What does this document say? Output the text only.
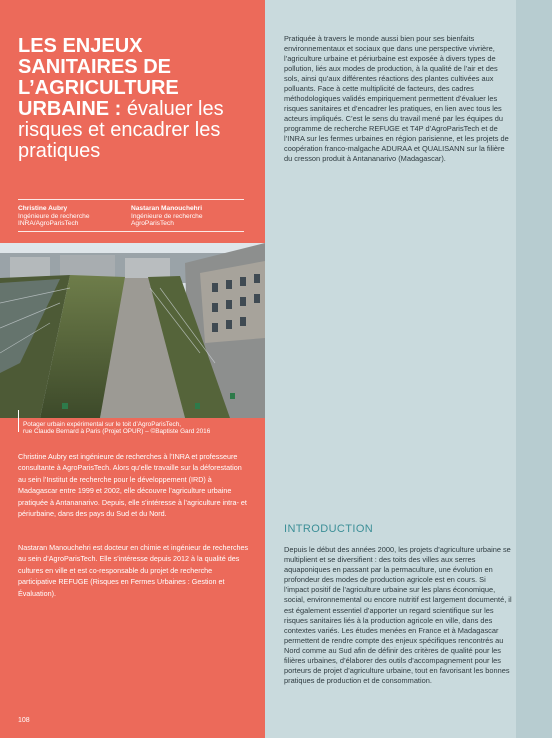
LES ENJEUX SANITAIRES DE L’AGRICULTURE URBAINE : évaluer les risques et encadrer les pratiques
Christine Aubry
Ingénieure de recherche
INRA/AgroParisTech
Nastaran Manouchehri
Ingénieure de recherche
AgroParisTech
Potager urbain expérimental sur le toit d’AgroParisTech,
rue Claude Bernard à Paris (Projet OPUR) – ©Baptiste Gard 2016

Christine Aubry est ingénieure de recherches à l’INRA et professeure consultante à AgroParisTech. Alors qu’elle travaille sur la déforestation au sein l’Institut de recherche pour le développement (IRD) à Madagascar entre 1999 et 2002, elle découvre l’agriculture urbaine pratiquée à Antananarivo. Depuis, elle s’intéresse à l’agriculture intra- et périurbaine, dans des pays du Sud et du Nord.

Nastaran Manouchehri est docteur en chimie et ingénieur de recherches au sein d’AgroParisTech. Elle s’intéresse depuis 2012 à la qualité des cultures en ville et est co-responsable du projet de recherche participative REFUGE (Risques en Fermes Urbaines : Gestion et Évaluation).

108

Pratiquée à travers le monde aussi bien pour ses bienfaits environnementaux et sociaux que dans une perspective vivrière, l’agriculture urbaine et périurbaine est exposée à divers types de pollution, liés aux modes de production, à la qualité de l’air et des sols, ainsi qu’aux différentes réactions des plantes cultivées aux polluants. Face à cette multiplicité de facteurs, des cadres méthodologiques validés empiriquement permettent d’évaluer les risques sanitaires et d’encadrer les pratiques, en lien avec tous les acteurs impliqués. C’est le sens du travail mené par les équipes du programme de recherche REFUGE et T4P d’AgroParisTech et de l’INRA sur les fermes urbaines en région parisienne, et les projets de coopération franco-malgache ADURAA et QUALISANN sur la filière du cresson produit à Antananarivo (Madagascar).

INTRODUCTION

Depuis le début des années 2000, les projets d’agriculture urbaine se multiplient et se diversifient : des toits des villes aux serres aquaponiques en passant par la permaculture, une évolution en profondeur des modes de production agricole est en cours. Si l’impact positif de l’agriculture urbaine sur les plans économique, social, environnemental ou encore nutritif est largement documenté, il est également essentiel d’apporter un regard scientifique sur les risques sanitaires liés à la production agricole en ville, dans des contextes variés. Les études menées en France et à Madagascar permettent de rendre compte des enjeux spécifiques rencontrés au Nord comme au Sud afin de définir des critères de qualité pour les filières urbaines, d’élaborer des outils d’accompagnement pour les porteurs de projet d’agriculture urbaine, tout en favorisant les bonnes pratiques de production et de consommation.
